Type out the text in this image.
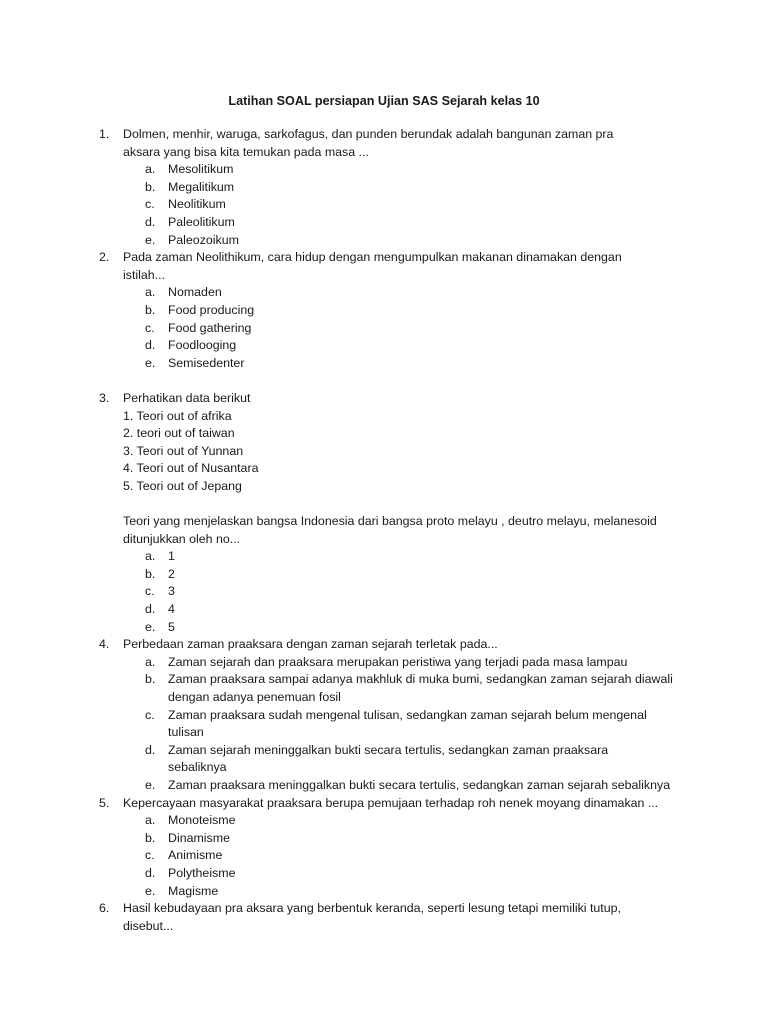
Latihan SOAL persiapan Ujian SAS Sejarah kelas 10
1. Dolmen, menhir, waruga, sarkofagus, dan punden berundak adalah bangunan zaman pra
aksara yang bisa kita temukan pada masa ...
a. Mesolitikum
b. Megalitikum
c. Neolitikum
d. Paleolitikum
e. Paleozoikum
2. Pada zaman Neolithikum, cara hidup dengan mengumpulkan makanan dinamakan dengan
istilah...
a. Nomaden
b. Food producing
c. Food gathering
d. Foodlooging
e. Semisedenter
3. Perhatikan data berikut
1. Teori out of afrika
2. teori out of taiwan
3. Teori out of Yunnan
4. Teori out of Nusantara
5. Teori out of Jepang
Teori yang menjelaskan bangsa Indonesia dari bangsa proto melayu , deutro melayu, melanesoid
ditunjukkan oleh no...
a. 1
b. 2
c. 3
d. 4
e. 5
4. Perbedaan zaman praaksara dengan zaman sejarah terletak pada...
a. Zaman sejarah dan praaksara merupakan peristiwa yang terjadi pada masa lampau
b. Zaman praaksara sampai adanya makhluk di muka bumi, sedangkan zaman sejarah diawali
dengan adanya penemuan fosil
c. Zaman praaksara sudah mengenal tulisan, sedangkan zaman sejarah belum mengenal
tulisan
d. Zaman sejarah meninggalkan bukti secara tertulis, sedangkan zaman praaksara
sebaliknya
e. Zaman praaksara meninggalkan bukti secara tertulis, sedangkan zaman sejarah sebaliknya
5. Kepercayaan masyarakat praaksara berupa pemujaan terhadap roh nenek moyang dinamakan ...
a. Monoteisme
b. Dinamisme
c. Animisme
d. Polytheisme
e. Magisme
6. Hasil kebudayaan pra aksara yang berbentuk keranda, seperti lesung tetapi memiliki tutup,
disebut...
